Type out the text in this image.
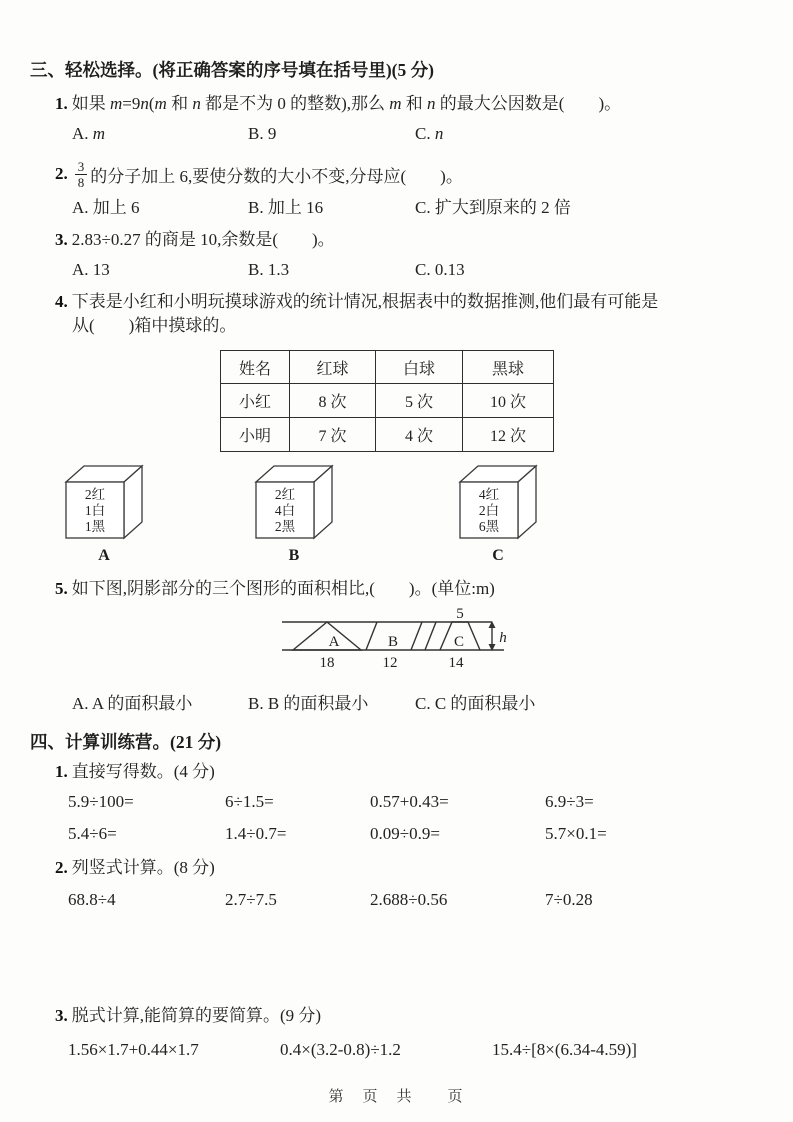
三、轻松选择。(将正确答案的序号填在括号里)(5 分)
1. 如果 m=9n(m 和 n 都是不为 0 的整数),那么 m 和 n 的最大公因数是(　　)。
A. m	B. 9	C. n
2. $\frac{3}{8}$ 的分子加上 6,要使分数的大小不变,分母应(　　)。
A. 加上 6	B. 加上 16	C. 扩大到原来的 2 倍
3. 2.83÷0.27 的商是 10,余数是(　　)。
A. 13	B. 1.3	C. 0.13
4. 下表是小红和小明玩摸球游戏的统计情况,根据表中的数据推测,他们最有可能是
从(　　)箱中摸球的。
姓名	红球	白球	黑球
小红	8 次	5 次	10 次
小明	7 次	4 次	12 次
2红
1白
1黑
A
2红
4白
2黑
B
4红
2白
6黑
C
5. 如下图,阴影部分的三个图形的面积相比,(　　)。(单位:m)
5
A	B	C
18	12	14
h
A. A 的面积最小	B. B 的面积最小	C. C 的面积最小
四、计算训练营。(21 分)
1. 直接写得数。(4 分)
5.9÷100=	6÷1.5=	0.57+0.43=	6.9÷3=
5.4÷6=	1.4÷0.7=	0.09÷0.9=	5.7×0.1=
2. 列竖式计算。(8 分)
68.8÷4	2.7÷7.5	2.688÷0.56	7÷0.28
3. 脱式计算,能简算的要简算。(9 分)
1.56×1.7+0.44×1.7	0.4×(3.2-0.8)÷1.2	15.4÷[8×(6.34-4.59)]
第　页　共　　页
